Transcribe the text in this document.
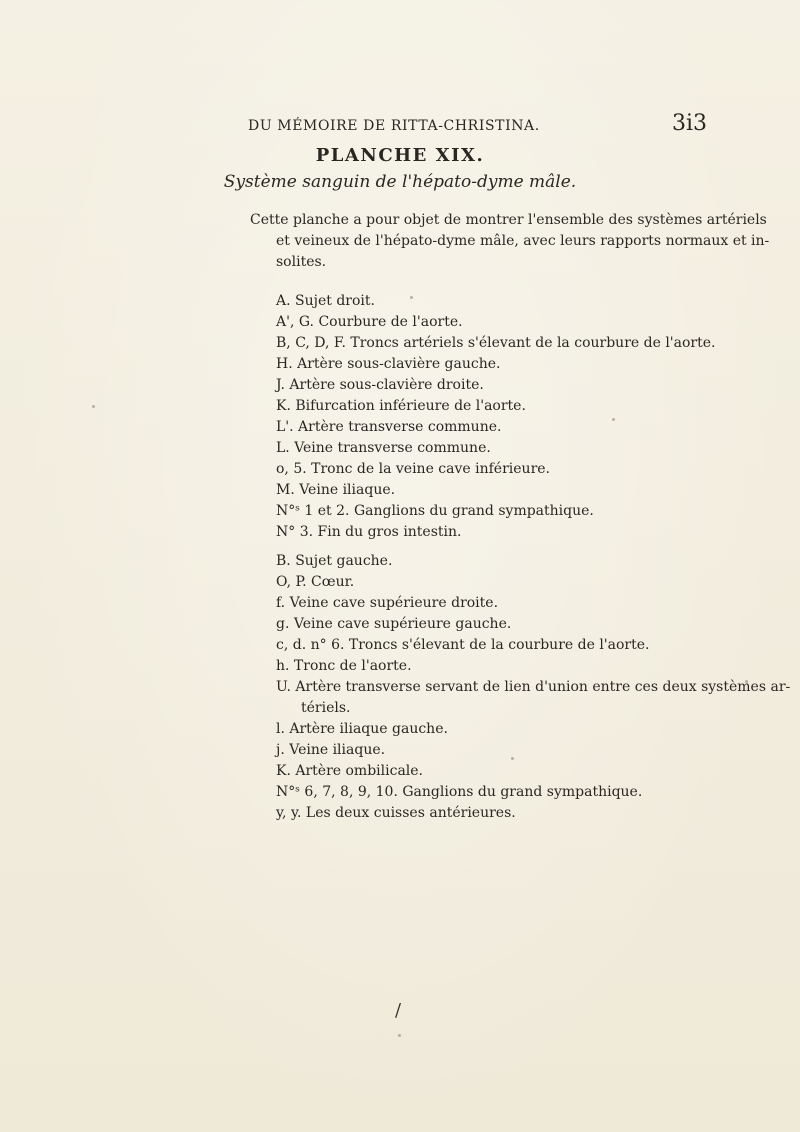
DU MÉMOIRE DE RITTA-CHRISTINA.	3i3
PLANCHE XIX.
Système sanguin de l'hépato-dyme mâle.
Cette planche a pour objet de montrer l'ensemble des systèmes artériels
et veineux de l'hépato-dyme mâle, avec leurs rapports normaux et in-
solites.
A. Sujet droit.
A', G. Courbure de l'aorte.
B, C, D, F. Troncs artériels s'élevant de la courbure de l'aorte.
H. Artère sous-clavière gauche.
J. Artère sous-clavière droite.
K. Bifurcation inférieure de l'aorte.
L'. Artère transverse commune.
L. Veine transverse commune.
o, 5. Tronc de la veine cave inférieure.
M. Veine iliaque.
N°ˢ 1 et 2. Ganglions du grand sympathique.
N° 3. Fin du gros intestin.
B. Sujet gauche.
O, P. Cœur.
f. Veine cave supérieure droite.
g. Veine cave supérieure gauche.
c, d. n° 6. Troncs s'élevant de la courbure de l'aorte.
h. Tronc de l'aorte.
U. Artère transverse servant de lien d'union entre ces deux systèmes ar-
tériels.
l. Artère iliaque gauche.
j. Veine iliaque.
K. Artère ombilicale.
N°ˢ 6, 7, 8, 9, 10. Ganglions du grand sympathique.
y, y. Les deux cuisses antérieures.
/
